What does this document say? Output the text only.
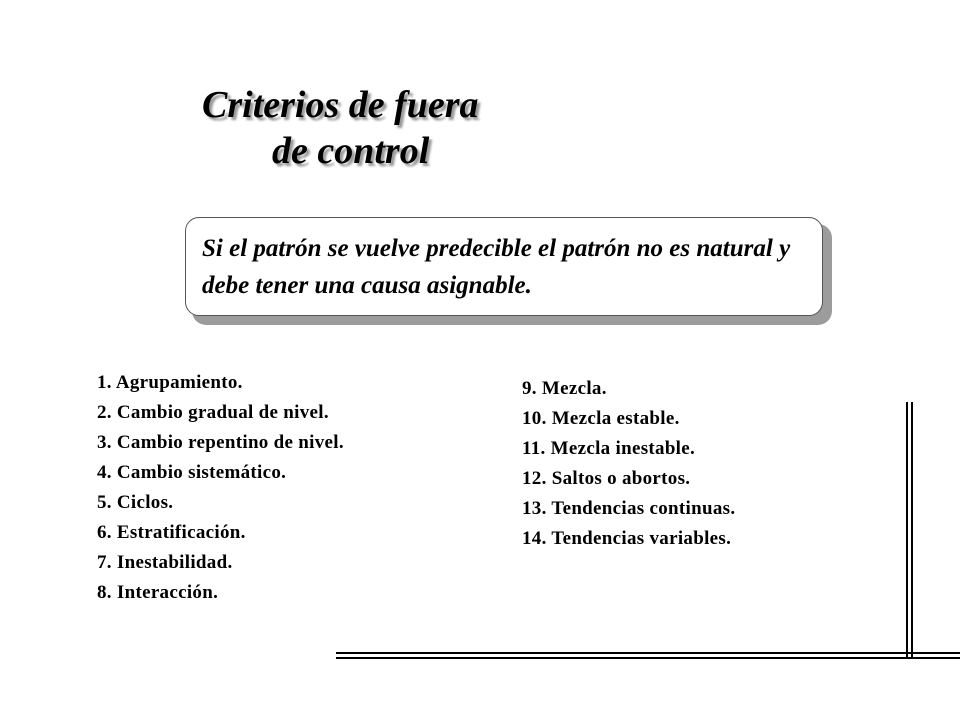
Criterios de fuera
de control
Si el patrón se vuelve predecible el patrón no es natural y debe tener una causa asignable.
1. Agrupamiento.
2. Cambio gradual de nivel.
3. Cambio repentino de nivel.
4. Cambio sistemático.
5. Ciclos.
6. Estratificación.
7. Inestabilidad.
8. Interacción.
9. Mezcla.
10. Mezcla estable.
11. Mezcla inestable.
12. Saltos o abortos.
13. Tendencias continuas.
14. Tendencias variables.
